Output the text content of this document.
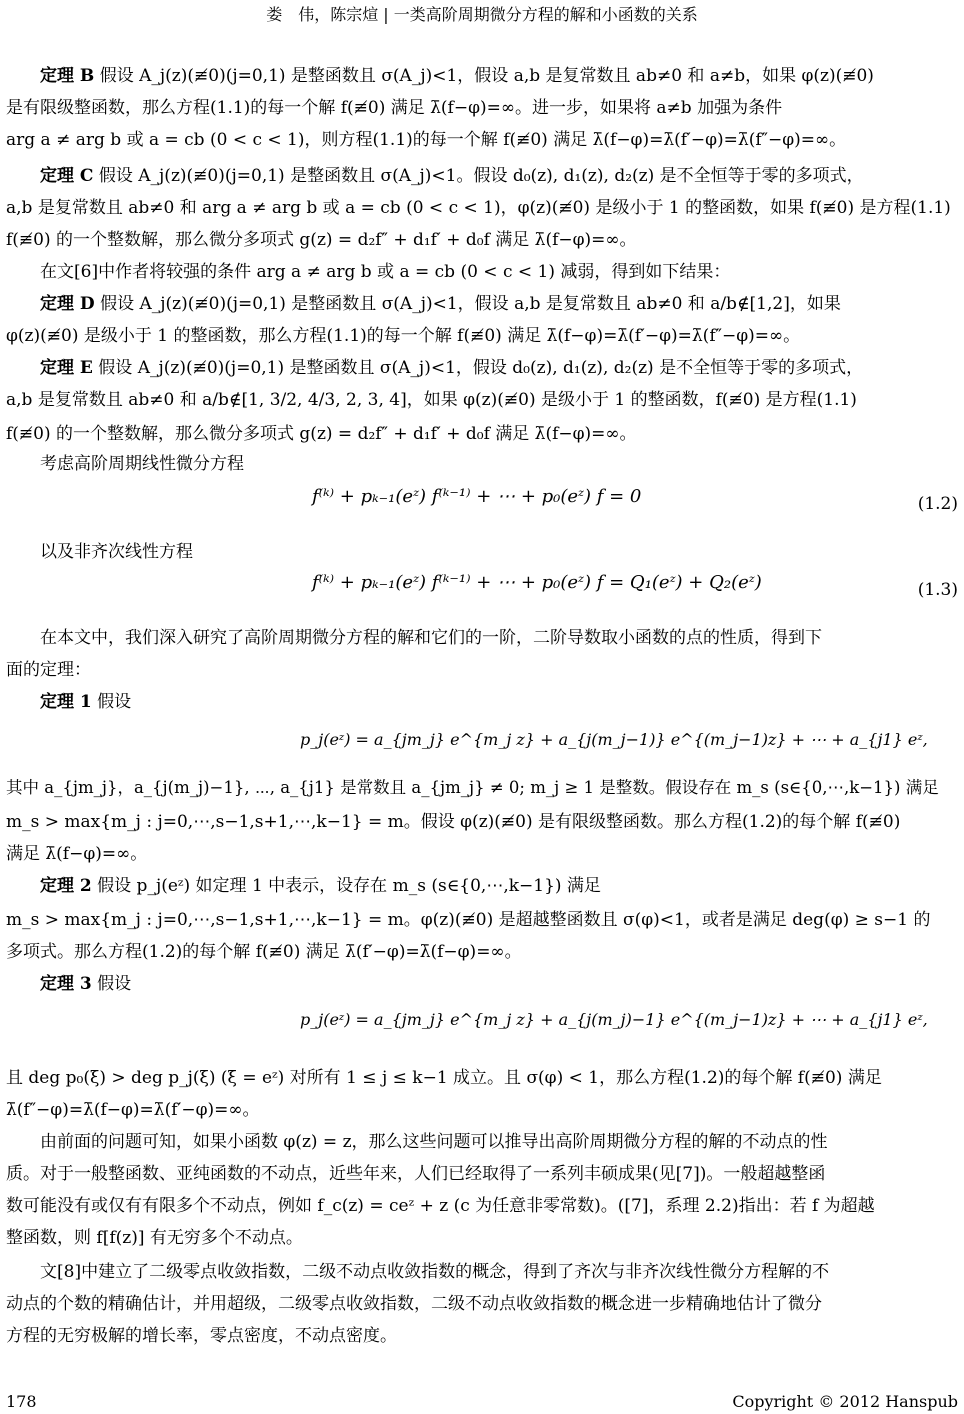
娄　伟，陈宗煊 | 一类高阶周期微分方程的解和小函数的关系
定理 B 假设 A_j(z)(≢0)(j=0,1) 是整函数且 σ(A_j)<1，假设 a,b 是复常数且 ab≠0 和 a≠b，如果 φ(z)(≢0)
是有限级整函数，那么方程(1.1)的每一个解 f(≢0) 满足 λ̄(f−φ)=∞。进一步，如果将 a≠b 加强为条件
arg a ≠ arg b 或 a = cb (0 < c < 1)，则方程(1.1)的每一个解 f(≢0) 满足 λ̄(f−φ)=λ̄(f′−φ)=λ̄(f″−φ)=∞。
定理 C 假设 A_j(z)(≢0)(j=0,1) 是整函数且 σ(A_j)<1。假设 d₀(z), d₁(z), d₂(z) 是不全恒等于零的多项式，
a,b 是复常数且 ab≠0 和 arg a ≠ arg b 或 a = cb (0 < c < 1)，φ(z)(≢0) 是级小于 1 的整函数，如果 f(≢0) 是方程(1.1)
f(≢0) 的一个整数解，那么微分多项式 g(z) = d₂f″ + d₁f′ + d₀f 满足 λ̄(f−φ)=∞。
在文[6]中作者将较强的条件 arg a ≠ arg b 或 a = cb (0 < c < 1) 减弱，得到如下结果：
定理 D 假设 A_j(z)(≢0)(j=0,1) 是整函数且 σ(A_j)<1，假设 a,b 是复常数且 ab≠0 和 a/b∉[1,2]，如果
φ(z)(≢0) 是级小于 1 的整函数，那么方程(1.1)的每一个解 f(≢0) 满足 λ̄(f−φ)=λ̄(f′−φ)=λ̄(f″−φ)=∞。
定理 E 假设 A_j(z)(≢0)(j=0,1) 是整函数且 σ(A_j)<1，假设 d₀(z), d₁(z), d₂(z) 是不全恒等于零的多项式，
a,b 是复常数且 ab≠0 和 a/b∉[1, 3/2, 4/3, 2, 3, 4]，如果 φ(z)(≢0) 是级小于 1 的整函数，f(≢0) 是方程(1.1)
f(≢0) 的一个整数解，那么微分多项式 g(z) = d₂f″ + d₁f′ + d₀f 满足 λ̄(f−φ)=∞。
考虑高阶周期线性微分方程
f⁽ᵏ⁾ + pₖ₋₁(eᶻ) f⁽ᵏ⁻¹⁾ + ⋯ + p₀(eᶻ) f = 0	(1.2)
以及非齐次线性方程
f⁽ᵏ⁾ + pₖ₋₁(eᶻ) f⁽ᵏ⁻¹⁾ + ⋯ + p₀(eᶻ) f = Q₁(eᶻ) + Q₂(eᶻ)	(1.3)
在本文中，我们深入研究了高阶周期微分方程的解和它们的一阶，二阶导数取小函数的点的性质，得到下
面的定理：
定理 1 假设
p_j(eᶻ) = a_{jm_j} e^{m_j z} + a_{j(m_j−1)} e^{(m_j−1)z} + ⋯ + a_{j1} eᶻ,
其中 a_{jm_j}，a_{j(m_j)−1}, ⋯, a_{j1} 是常数且 a_{jm_j} ≠ 0; m_j ≥ 1 是整数。假设存在 m_s (s∈{0,⋯,k−1}) 满足
m_s > max{m_j : j=0,⋯,s−1,s+1,⋯,k−1} = m。假设 φ(z)(≢0) 是有限级整函数。那么方程(1.2)的每个解 f(≢0)
满足 λ̄(f−φ)=∞。
定理 2 假设 p_j(eᶻ) 如定理 1 中表示，设存在 m_s (s∈{0,⋯,k−1}) 满足
m_s > max{m_j : j=0,⋯,s−1,s+1,⋯,k−1} = m。φ(z)(≢0) 是超越整函数且 σ(φ)<1，或者是满足 deg(φ) ≥ s−1 的
多项式。那么方程(1.2)的每个解 f(≢0) 满足 λ̄(f′−φ)=λ̄(f−φ)=∞。
定理 3 假设
p_j(eᶻ) = a_{jm_j} e^{m_j z} + a_{j(m_j)−1} e^{(m_j−1)z} + ⋯ + a_{j1} eᶻ,
且 deg p₀(ξ) > deg p_j(ξ) (ξ = eᶻ) 对所有 1 ≤ j ≤ k−1 成立。且 σ(φ) < 1，那么方程(1.2)的每个解 f(≢0) 满足
λ̄(f″−φ)=λ̄(f−φ)=λ̄(f′−φ)=∞。
由前面的问题可知，如果小函数 φ(z) = z，那么这些问题可以推导出高阶周期微分方程的解的不动点的性
质。对于一般整函数、亚纯函数的不动点，近些年来，人们已经取得了一系列丰硕成果(见[7])。一般超越整函
数可能没有或仅有有限多个不动点，例如 f_c(z) = ceᶻ + z (c 为任意非零常数)。([7]，系理 2.2)指出：若 f 为超越
整函数，则 f[f(z)] 有无穷多个不动点。
文[8]中建立了二级零点收敛指数，二级不动点收敛指数的概念，得到了齐次与非齐次线性微分方程解的不
动点的个数的精确估计，并用超级，二级零点收敛指数，二级不动点收敛指数的概念进一步精确地估计了微分
方程的无穷极解的增长率，零点密度，不动点密度。
178	Copyright © 2012 Hanspub
